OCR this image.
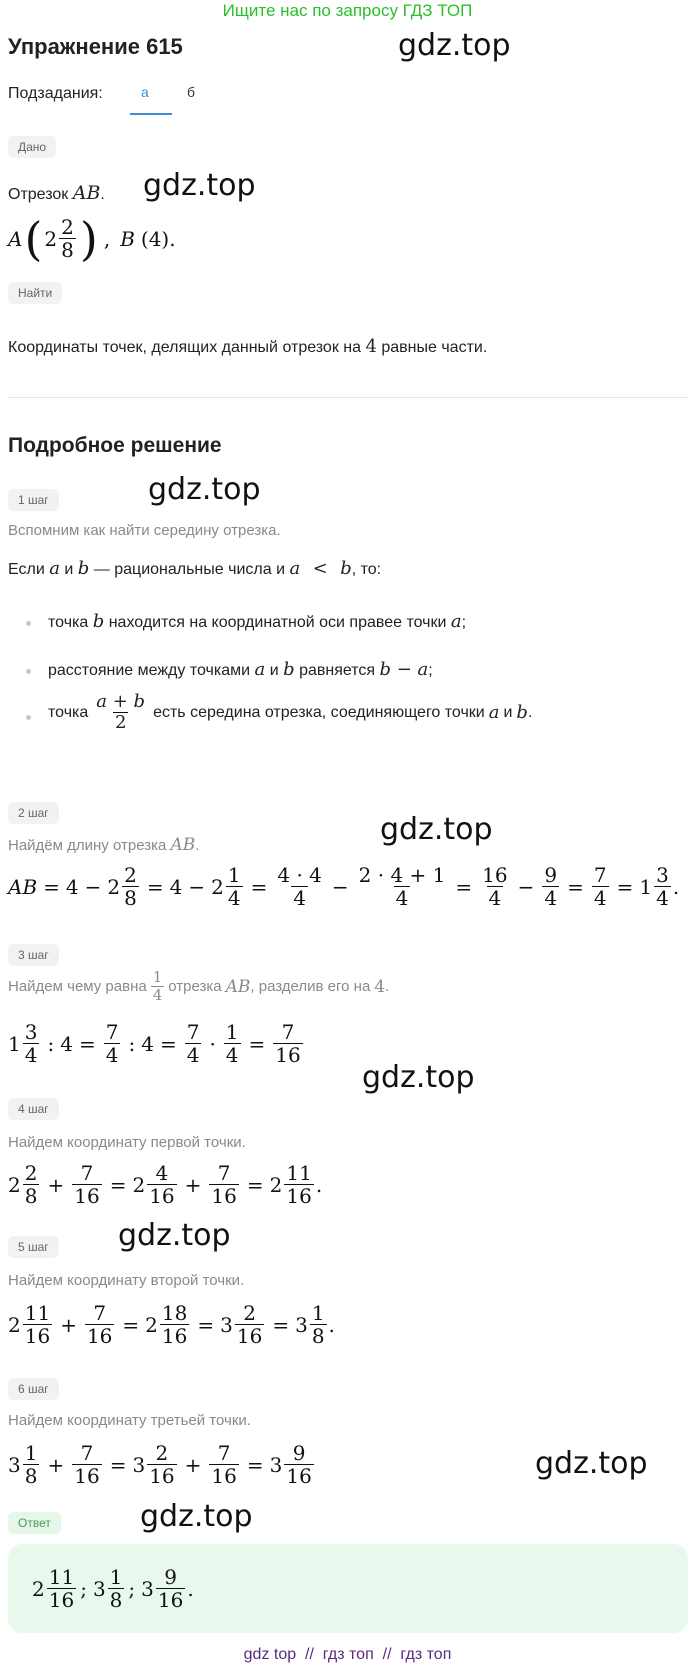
Ищите нас по запросу ГДЗ ТОП
Упражнение 615	gdz.top
Подзадания:	а	б
Дано
Отрезок AB. gdz.top
A ( $2 \frac{2}{8}$ ) , B (4).
Найти
Координаты точек, делящих данный отрезок на 4 равные части.
Подробное решение
1 шаг	gdz.top
Вспомним как найти середину отрезка.
Если a и b — рациональные числа и a < b, то:
точка b находится на координатной оси правее точки a;
расстояние между точками a и b равняется b − a;
точка $\frac{a + b}{2}$ есть середина отрезка, соединяющего точки a и b .
2 шаг	gdz.top
Найдём длину отрезка AB.
AB = $4 - 2 \frac{2}{8} = 4 - 2 \frac{1}{4} = \frac{4 \cdot 4}{4} - \frac{2 \cdot 4 + 1}{4} = \frac{16}{4} - \frac{9}{4} = \frac{7}{4} = 1 \frac{3}{4}$ .
3 шаг
Найдем чему равна $\frac{1}{4}$ отрезка AB , разделив его на 4 .
$1 \frac{3}{4}$ : $4 = \frac{7}{4}$ : $4 = \frac{7}{4} \cdot \frac{1}{4} = \frac{7}{16}$
gdz.top
4 шаг
Найдем координату первой точки.
$2 \frac{2}{8} + \frac{7}{16} = 2 \frac{4}{16} + \frac{7}{16} = 2 \frac{11}{16}$ .
5 шаг	gdz.top
Найдем координату второй точки.
$2 \frac{11}{16} + \frac{7}{16} = 2 \frac{18}{16} = 3 \frac{2}{16} = 3 \frac{1}{8}$ .
6 шаг
Найдем координату третьей точки.
$3 \frac{1}{8} + \frac{7}{16} = 3 \frac{2}{16} + \frac{7}{16} = 3 \frac{9}{16}$	gdz.top
Ответ	gdz.top
$2 \frac{11}{16}$ ; $3 \frac{1}{8}$ ; $3 \frac{9}{16}$ .
gdz top  //  гдз топ  //  гдз топ
